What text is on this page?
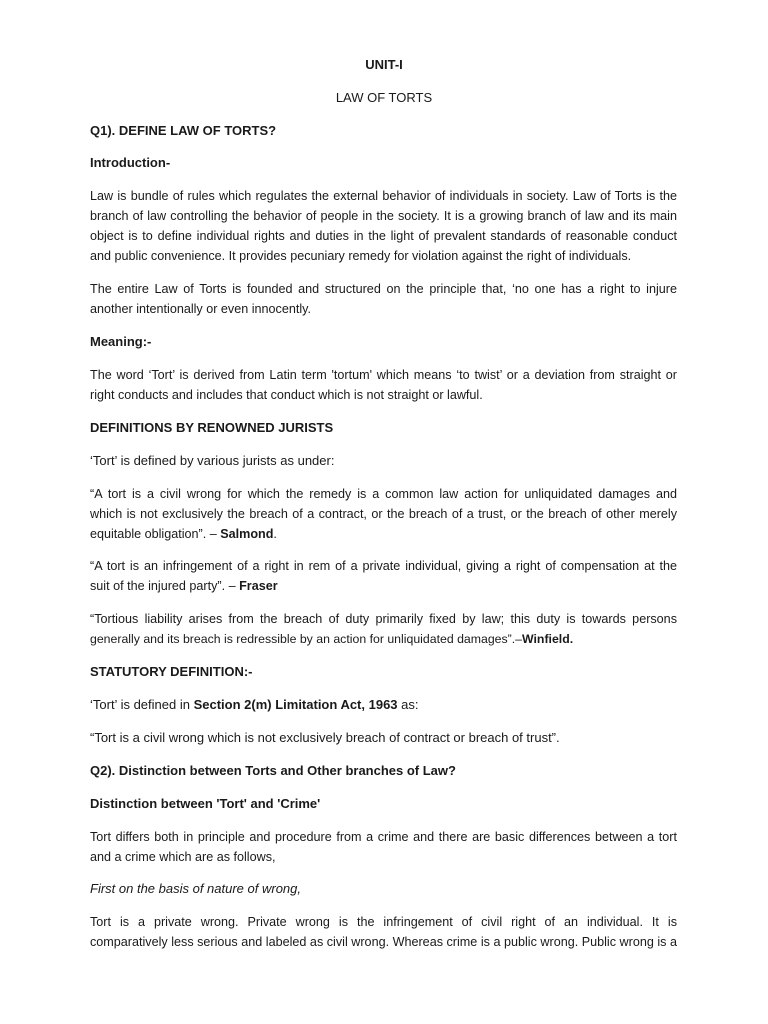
UNIT-I
LAW OF TORTS
Q1). DEFINE LAW OF TORTS?
Introduction-
Law is bundle of rules which regulates the external behavior of individuals in society. Law of Torts is the
branch of law controlling the behavior of people in the society. It is a growing branch of law and its main
object is to define individual rights and duties in the light of prevalent standards of reasonable conduct
and public convenience. It provides pecuniary remedy for violation against the right of individuals.
The entire Law of Torts is founded and structured on the principle that, ‘no one has a right to injure
another intentionally or even innocently.
Meaning:-
The word ‘Tort’ is derived from Latin term 'tortum' which means ‘to twist’ or a deviation from straight or
right conducts and includes that conduct which is not straight or lawful.
DEFINITIONS BY RENOWNED JURISTS
‘Tort’ is defined by various jurists as under:
“A tort is a civil wrong for which the remedy is a common law action for unliquidated damages and
which is not exclusively the breach of a contract, or the breach of a trust, or the breach of other merely
equitable obligation”. – Salmond.
“A tort is an infringement of a right in rem of a private individual, giving a right of compensation at the
suit of the injured party”. – Fraser
“Tortious liability arises from the breach of duty primarily fixed by law; this duty is towards persons
generally and its breach is redressible by an action for unliquidated damages”.–Winfield.
STATUTORY DEFINITION:-
‘Tort’ is defined in Section 2(m) Limitation Act, 1963 as:
“Tort is a civil wrong which is not exclusively breach of contract or breach of trust”.
Q2). Distinction between Torts and Other branches of Law?
Distinction between 'Tort' and 'Crime'
Tort differs both in principle and procedure from a crime and there are basic differences between a tort
and a crime which are as follows,
First on the basis of nature of wrong,
Tort is a private wrong. Private wrong is the infringement of civil right of an individual. It is
comparatively less serious and labeled as civil wrong. Whereas crime is a public wrong. Public wrong is a
